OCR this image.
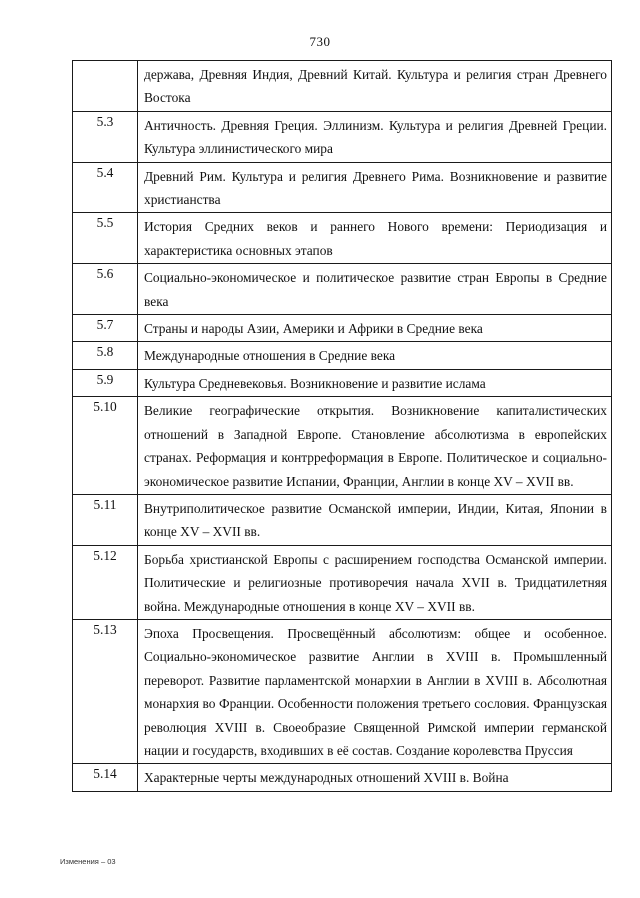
730
	держава, Древняя Индия, Древний Китай. Культура и религия стран Древнего Востока
5.3	Античность. Древняя Греция. Эллинизм. Культура и религия Древней Греции. Культура эллинистического мира
5.4	Древний Рим. Культура и религия Древнего Рима. Возникновение и развитие христианства
5.5	История Средних веков и раннего Нового времени: Периодизация и характеристика основных этапов
5.6	Социально-экономическое и политическое развитие стран Европы в Средние века
5.7	Страны и народы Азии, Америки и Африки в Средние века
5.8	Международные отношения в Средние века
5.9	Культура Средневековья. Возникновение и развитие ислама
5.10	Великие географические открытия. Возникновение капиталистических отношений в Западной Европе. Становление абсолютизма в европейских странах. Реформация и контрреформация в Европе. Политическое и социально-экономическое развитие Испании, Франции, Англии в конце XV – XVII вв.
5.11	Внутриполитическое развитие Османской империи, Индии, Китая, Японии в конце XV – XVII вв.
5.12	Борьба христианской Европы с расширением господства Османской империи. Политические и религиозные противоречия начала XVII в. Тридцатилетняя война. Международные отношения в конце XV – XVII вв.
5.13	Эпоха Просвещения. Просвещённый абсолютизм: общее и особенное. Социально-экономическое развитие Англии в XVIII в. Промышленный переворот. Развитие парламентской монархии в Англии в XVIII в. Абсолютная монархия во Франции. Особенности положения третьего сословия. Французская революция XVIII в. Своеобразие Священной Римской империи германской нации и государств, входивших в её состав. Создание королевства Пруссия
5.14	Характерные черты международных отношений XVIII в. Война
Изменения – 03
